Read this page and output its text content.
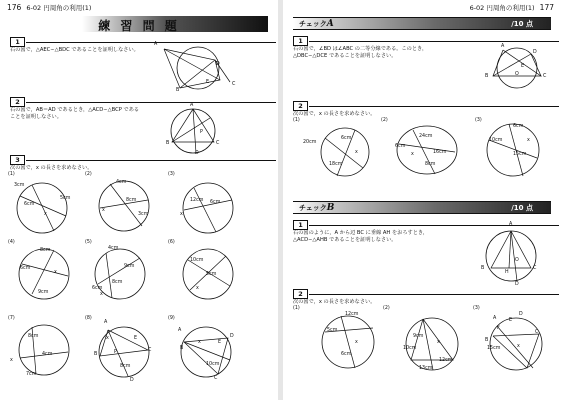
176 6-02 円周角の利用(1)
練 習 問 題
1
右の図で，△AEC∽△BDC であることを証明しなさい。
A
B
C
D
E
2
右の図で，AB＝AD であるとき，△ACD∽△BCP である
ことを証明しなさい。
A
B	C
D
P
3
次の図で，x の長さを求めなさい。
(1)	(2)	(3)
3cm
6cm
5cm
x
4cm
8cm
x
3cm
12cm 6cm
x
(4)	(5)	(6)
8cm
6cm
9cm
x
4cm
9cm
6cm
x
8cm
10cm
5cm
x
(7)	(8)	(9)
8cm
4cm
x
7cm
A
B
C
D
E
P
x
8cm
A
B
C
D
E
10cm
x
6-02 円周角の利用(1) 177
チェックA	/10 点
1
右の図で，∠BD は∠ABC の二等分線である。このとき，
△DBC∽△DCE であることを証明しなさい。
A
B	C
D
E
O
2
次の図で，x の長さを求めなさい。
(1)	(2)	(3)
20cm
6cm
18cm
x
24cm
6cm
16cm
x
8cm
6cm
15cm
10cm	x
チェックB	/10 点
1
右の図のように，A から辺 BC に垂線 AH をおろすとき，
△ACD∽△AHB であることを証明しなさい。
A
B	C
D
H
O
2
次の図で，x の長さを求めなさい。
(1)	(2)	(3)
12cm
5cm
6cm
x
10cm
9cm
12cm
13cm
x
A
B
C
D
E
F
15cm	x
